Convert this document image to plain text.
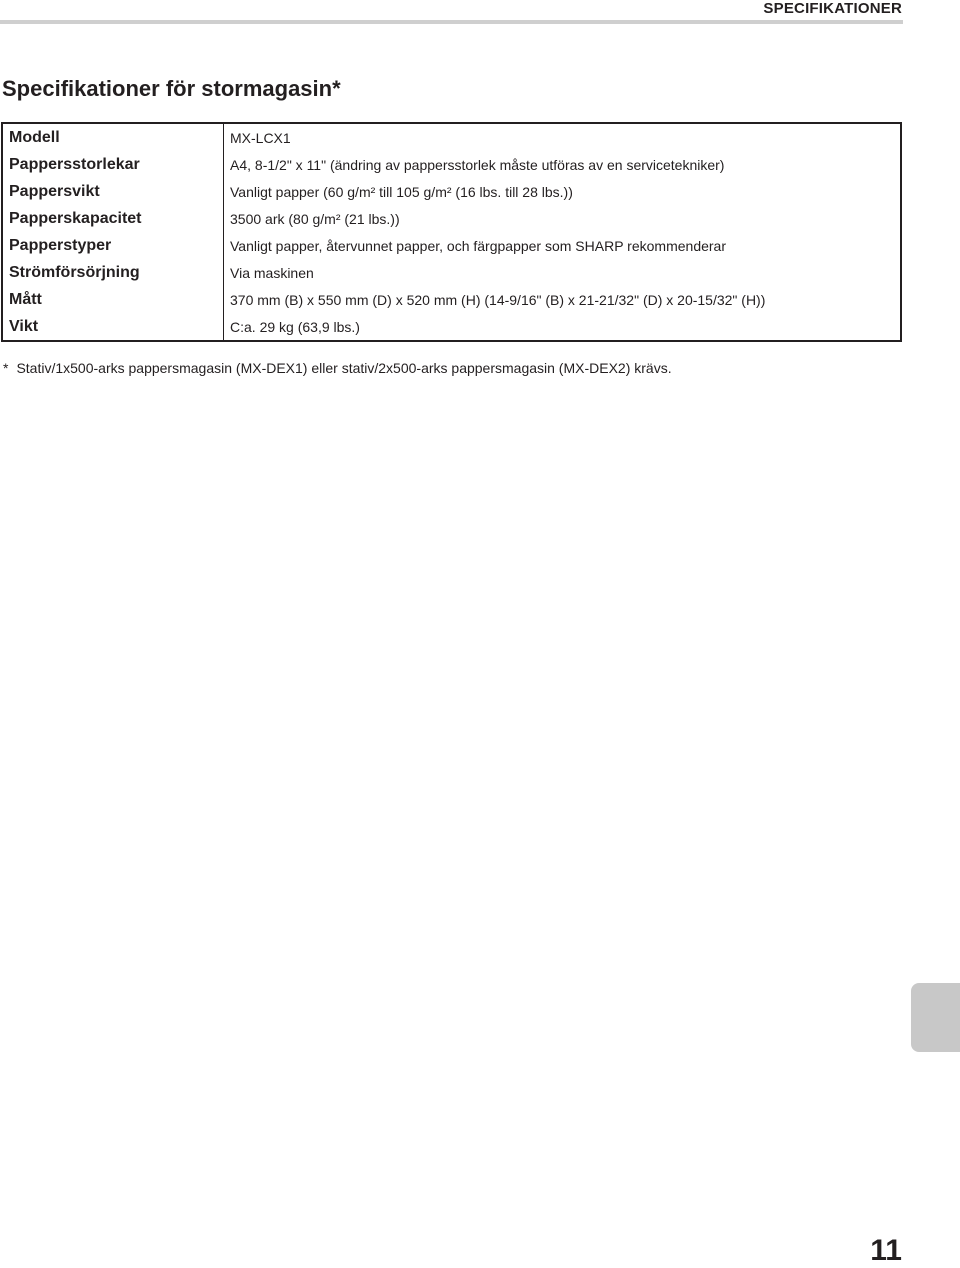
SPECIFIKATIONER
Specifikationer för stormagasin*
Modell	MX-LCX1
Pappersstorlekar	A4, 8-1/2" x 11" (ändring av pappersstorlek måste utföras av en servicetekniker)
Pappersvikt	Vanligt papper (60 g/m² till 105 g/m² (16 lbs. till 28 lbs.))
Papperskapacitet	3500 ark (80 g/m² (21 lbs.))
Papperstyper	Vanligt papper, återvunnet papper, och färgpapper som SHARP rekommenderar
Strömförsörjning	Via maskinen
Mått	370 mm (B) x 550 mm (D) x 520 mm (H) (14-9/16" (B) x 21-21/32" (D) x 20-15/32" (H))
Vikt	C:a. 29 kg (63,9 lbs.)
* Stativ/1x500-arks pappersmagasin (MX-DEX1) eller stativ/2x500-arks pappersmagasin (MX-DEX2) krävs.
11
